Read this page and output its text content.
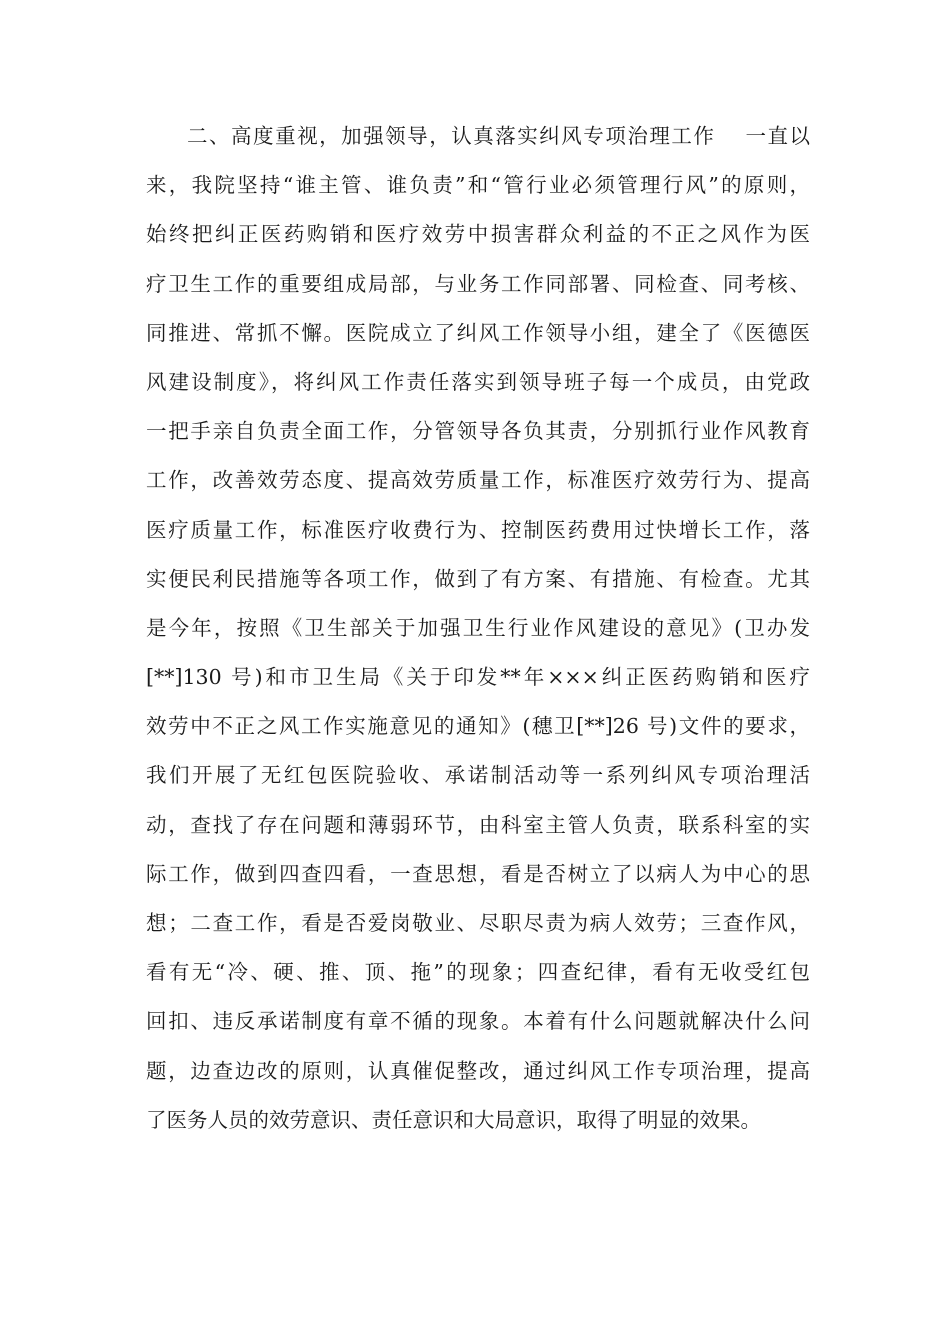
二、高度重视，加强领导，认真落实纠风专项治理工作　 一直以
来，我院坚持“谁主管、谁负责”和“管行业必须管理行风”的原则，
始终把纠正医药购销和医疗效劳中损害群众利益的不正之风作为医
疗卫生工作的重要组成局部，与业务工作同部署、同检查、同考核、
同推进、常抓不懈。医院成立了纠风工作领导小组，建全了《医德医
风建设制度》，将纠风工作责任落实到领导班子每一个成员，由党政
一把手亲自负责全面工作，分管领导各负其责，分别抓行业作风教育
工作，改善效劳态度、提高效劳质量工作，标准医疗效劳行为、提高
医疗质量工作，标准医疗收费行为、控制医药费用过快增长工作，落
实便民利民措施等各项工作，做到了有方案、有措施、有检查。尤其
是今年，按照《卫生部关于加强卫生行业作风建设的意见》(卫办发
[**]130 号)和市卫生局《关于印发**年×××纠正医药购销和医疗
效劳中不正之风工作实施意见的通知》(穗卫[**]26 号)文件的要求，
我们开展了无红包医院验收、承诺制活动等一系列纠风专项治理活
动，查找了存在问题和薄弱环节，由科室主管人负责，联系科室的实
际工作，做到四查四看，一查思想，看是否树立了以病人为中心的思
想；二查工作，看是否爱岗敬业、尽职尽责为病人效劳；三查作风，
看有无“冷、硬、推、顶、拖”的现象；四查纪律，看有无收受红包
回扣、违反承诺制度有章不循的现象。本着有什么问题就解决什么问
题，边查边改的原则，认真催促整改，通过纠风工作专项治理，提高
了医务人员的效劳意识、责任意识和大局意识，取得了明显的效果。
